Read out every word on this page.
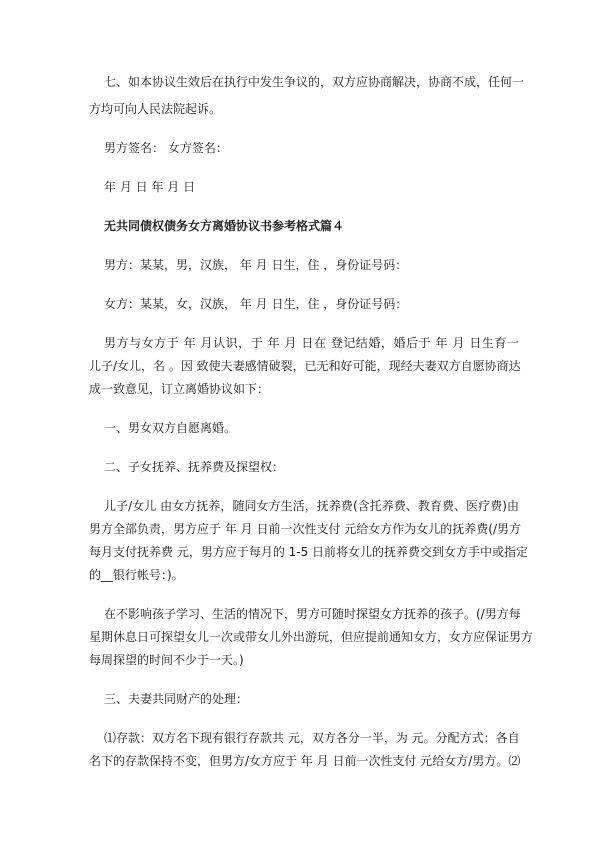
七、如本协议生效后在执行中发生争议的，双方应协商解决，协商不成，任何一
方均可向人民法院起诉。
男方签名： 女方签名：
年 月 日 年 月 日
无共同债权债务女方离婚协议书参考格式篇４
男方：某某，男，汉族， 年 月 日生，住 ，身份证号码：
女方：某某，女，汉族， 年 月 日生，住 ，身份证号码：
男方与女方于 年 月认识，于 年 月 日在 登记结婚，婚后于 年 月 日生育一
儿子/女儿，名 。因 致使夫妻感情破裂，已无和好可能，现经夫妻双方自愿协商达
成一致意见，订立离婚协议如下：
一、男女双方自愿离婚。
二、子女抚养、抚养费及探望权：
儿子/女儿 由女方抚养，随同女方生活，抚养费(含托养费、教育费、医疗费)由
男方全部负责，男方应于 年 月 日前一次性支付 元给女方作为女儿的抚养费(/男方
每月支付抚养费 元，男方应于每月的 1-5 日前将女儿的抚养费交到女方手中或指定
的__银行帐号：)。
在不影响孩子学习、生活的情况下，男方可随时探望女方抚养的孩子。(/男方每
星期休息日可探望女儿一次或带女儿外出游玩，但应提前通知女方，女方应保证男方
每周探望的时间不少于一天。)
三、夫妻共同财产的处理：
⑴存款：双方名下现有银行存款共 元，双方各分一半，为 元。分配方式：各自
名下的存款保持不变，但男方/女方应于 年 月 日前一次性支付 元给女方/男方。⑵
